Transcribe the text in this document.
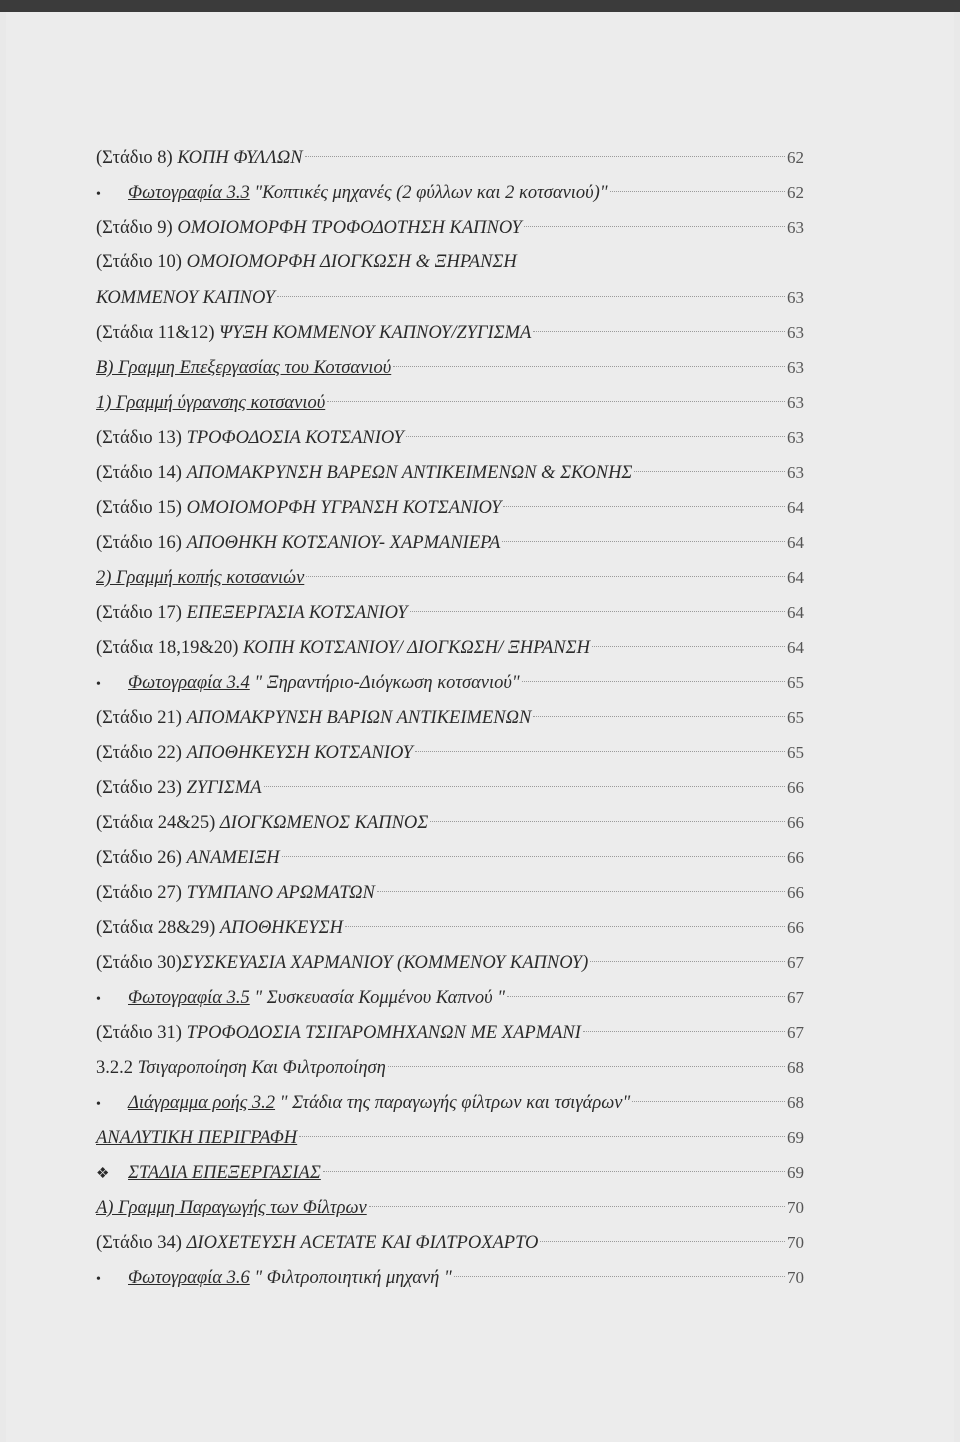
(Στάδιο 8) ΚΟΠΗ ΦΥΛΛΩΝ	62
• Φωτογραφία 3.3 "Κοπτικές μηχανές (2 φύλλων και 2 κοτσανιού)"	62
(Στάδιο 9) ΟΜΟΙΟΜΟΡΦΗ ΤΡΟΦΟΔΟΤΗΣΗ ΚΑΠΝΟΥ	63
(Στάδιο 10) ΟΜΟΙΟΜΟΡΦΗ ΔΙΟΓΚΩΣΗ & ΞΗΡΑΝΣΗ
ΚΟΜΜΕΝΟΥ ΚΑΠΝΟΥ	63
(Στάδια 11&12) ΨΥΞΗ ΚΟΜΜΕΝΟΥ ΚΑΠΝΟΥ/ΖΥΓΙΣΜΑ	63
Β) Γραμμη Επεξεργασίας του Κοτσανιού	63
1) Γραμμή ύγρανσης κοτσανιού	63
(Στάδιο 13) ΤΡΟΦΟΔΟΣΙΑ ΚΟΤΣΑΝΙΟΥ	63
(Στάδιο 14) ΑΠΟΜΑΚΡΥΝΣΗ ΒΑΡΕΩΝ ΑΝΤΙΚΕΙΜΕΝΩΝ & ΣΚΟΝΗΣ	63
(Στάδιο 15) ΟΜΟΙΟΜΟΡΦΗ ΥΓΡΑΝΣΗ ΚΟΤΣΑΝΙΟΥ	64
(Στάδιο 16) ΑΠΟΘΗΚΗ ΚΟΤΣΑΝΙΟΥ- ΧΑΡΜΑΝΙΕΡΑ	64
2) Γραμμή κοπής κοτσανιών	64
(Στάδιο 17) ΕΠΕΞΕΡΓΑΣΙΑ ΚΟΤΣΑΝΙΟΥ	64
(Στάδια 18,19&20) ΚΟΠΗ ΚΟΤΣΑΝΙΟΥ/ ΔΙΟΓΚΩΣΗ/ ΞΗΡΑΝΣΗ	64
• Φωτογραφία 3.4 " Ξηραντήριο-Διόγκωση κοτσανιού"	65
(Στάδιο 21) ΑΠΟΜΑΚΡΥΝΣΗ ΒΑΡΙΩΝ ΑΝΤΙΚΕΙΜΕΝΩΝ	65
(Στάδιο 22) ΑΠΟΘΗΚΕΥΣΗ ΚΟΤΣΑΝΙΟΥ	65
(Στάδιο 23) ΖΥΓΙΣΜΑ	66
(Στάδια 24&25) ΔΙΟΓΚΩΜΕΝΟΣ ΚΑΠΝΟΣ	66
(Στάδιο 26) ΑΝΑΜΕΙΞΗ	66
(Στάδιο 27) ΤΥΜΠΑΝΟ ΑΡΩΜΑΤΩΝ	66
(Στάδια 28&29) ΑΠΟΘΗΚΕΥΣΗ	66
(Στάδιο 30)ΣΥΣΚΕΥΑΣΙΑ ΧΑΡΜΑΝΙΟΥ (ΚΟΜΜΕΝΟΥ ΚΑΠΝΟΥ)	67
• Φωτογραφία 3.5 " Συσκευασία Κομμένου Καπνού "	67
(Στάδιο 31) ΤΡΟΦΟΔΟΣΙΑ ΤΣΙΓΑΡΟΜΗΧΑΝΩΝ ΜΕ ΧΑΡΜΑΝΙ	67
3.2.2 Τσιγαροποίηση Και Φιλτροποίηση	68
• Διάγραμμα ροής 3.2 " Στάδια της παραγωγής φίλτρων και τσιγάρων"	68
ΑΝΑΛΥΤΙΚΗ ΠΕΡΙΓΡΑΦΗ	69
❖ ΣΤΑΔΙΑ ΕΠΕΞΕΡΓΑΣΙΑΣ	69
Α) Γραμμη Παραγωγής των Φίλτρων	70
(Στάδιο 34) ΔΙΟΧΕΤΕΥΣΗ ACETATE ΚΑΙ ΦΙΛΤΡΟΧΑΡΤΟ	70
• Φωτογραφία 3.6 " Φιλτροποιητική μηχανή "	70
